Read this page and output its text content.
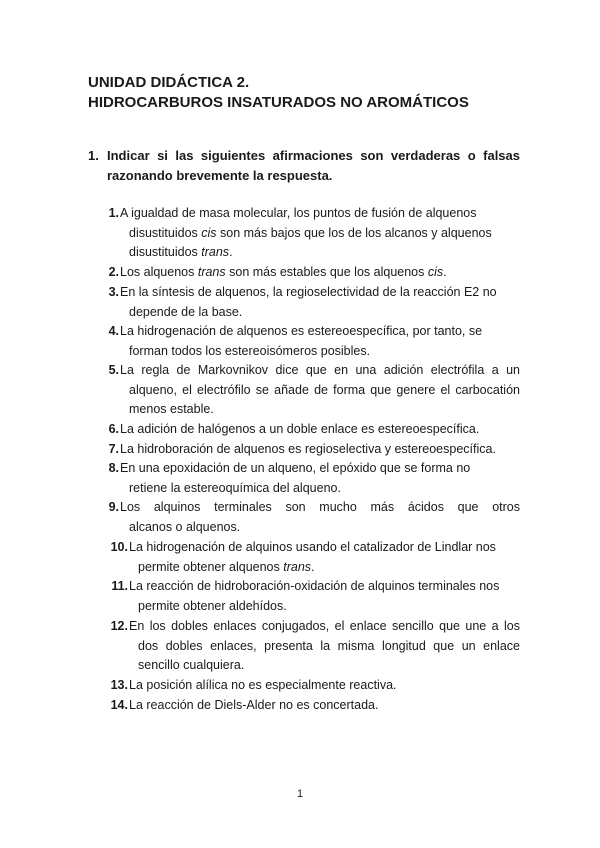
UNIDAD DIDÁCTICA 2.
HIDROCARBUROS INSATURADOS NO AROMÁTICOS
1. Indicar si las siguientes afirmaciones son verdaderas o falsas razonando brevemente la respuesta.
1. A igualdad de masa molecular, los puntos de fusión de alquenos
disustituidos cis son más bajos que los de los alcanos y alquenos
disustituidos trans.
2. Los alquenos trans son más estables que los alquenos cis.
3. En la síntesis de alquenos, la regioselectividad de la reacción E2 no
depende de la base.
4. La hidrogenación de alquenos es estereoespecífica, por tanto, se
forman todos los estereoisómeros posibles.
5. La regla de Markovnikov dice que en una adición electrófila a un
alqueno, el electrófilo se añade de forma que genere el carbocatión
menos estable.
6. La adición de halógenos a un doble enlace es estereoespecífica.
7. La hidroboración de alquenos es regioselectiva y estereoespecífica.
8. En una epoxidación de un alqueno, el epóxido que se forma no
retiene la estereoquímica del alqueno.
9. Los alquinos terminales son mucho más ácidos que otros
alcanos o alquenos.
10. La hidrogenación de alquinos usando el catalizador de Lindlar nos
permite obtener alquenos trans.
11. La reacción de hidroboración-oxidación de alquinos terminales nos
permite obtener aldehídos.
12. En los dobles enlaces conjugados, el enlace sencillo que une a los
dos dobles enlaces, presenta la misma longitud que un enlace
sencillo cualquiera.
13. La posición alílica no es especialmente reactiva.
14. La reacción de Diels-Alder no es concertada.
1
